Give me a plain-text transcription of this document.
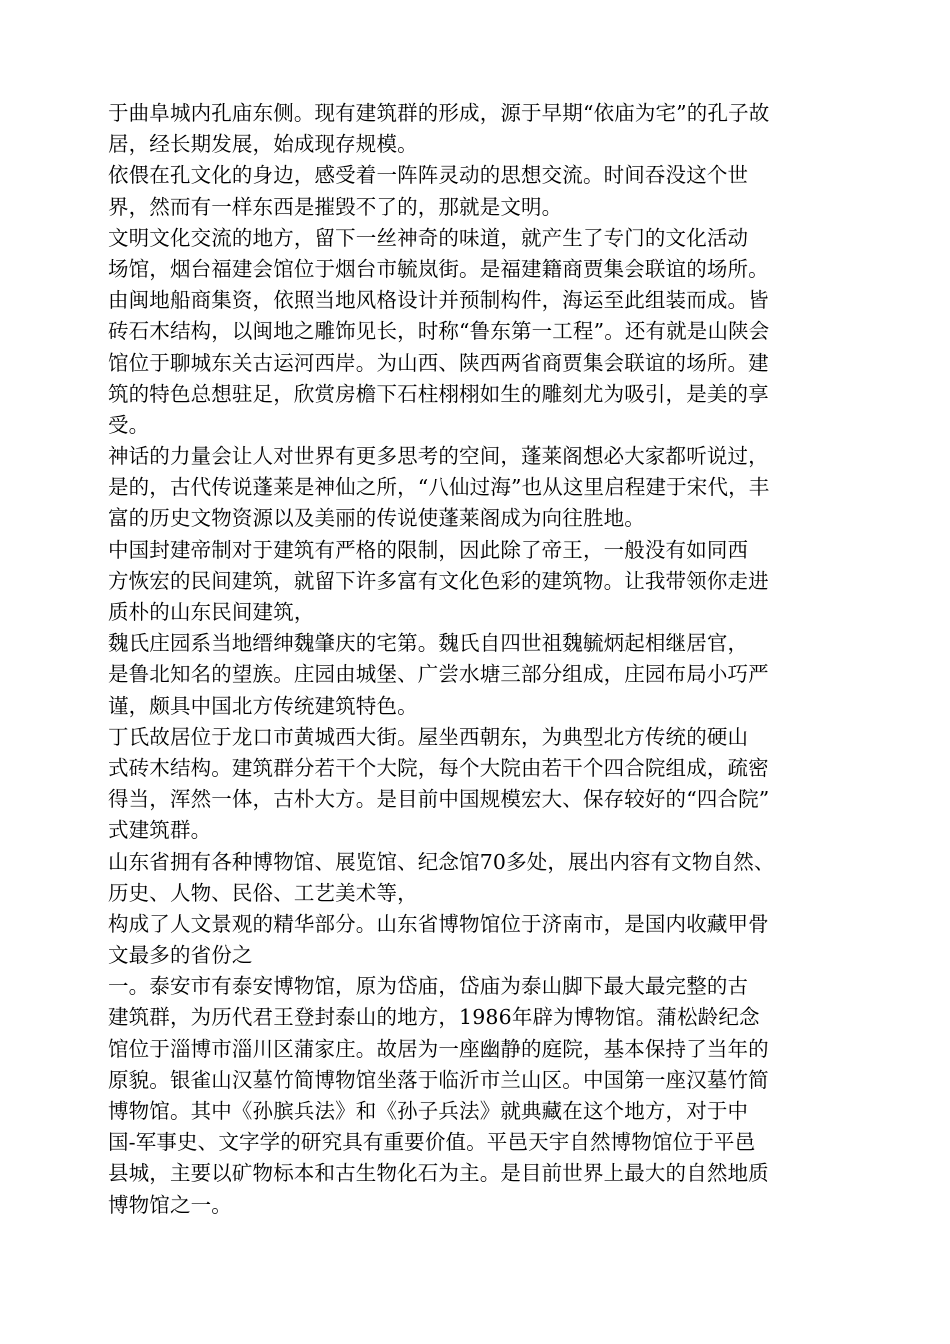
于曲阜城内孔庙东侧。现有建筑群的形成，源于早期“依庙为宅”的孔子故
居，经长期发展，始成现存规模。
依偎在孔文化的身边，感受着一阵阵灵动的思想交流。时间吞没这个世
界，然而有一样东西是摧毁不了的，那就是文明。
文明文化交流的地方，留下一丝神奇的味道，就产生了专门的文化活动
场馆，烟台福建会馆位于烟台市毓岚街。是福建籍商贾集会联谊的场所。
由闽地船商集资，依照当地风格设计并预制构件，海运至此组装而成。皆
砖石木结构，以闽地之雕饰见长，时称“鲁东第一工程”。还有就是山陕会
馆位于聊城东关古运河西岸。为山西、陕西两省商贾集会联谊的场所。建
筑的特色总想驻足，欣赏房檐下石柱栩栩如生的雕刻尤为吸引，是美的享
受。
神话的力量会让人对世界有更多思考的空间，蓬莱阁想必大家都听说过，
是的，古代传说蓬莱是神仙之所，“八仙过海”也从这里启程建于宋代，丰
富的历史文物资源以及美丽的传说使蓬莱阁成为向往胜地。
中国封建帝制对于建筑有严格的限制，因此除了帝王，一般没有如同西
方恢宏的民间建筑，就留下许多富有文化色彩的建筑物。让我带领你走进
质朴的山东民间建筑，
魏氏庄园系当地缙绅魏肇庆的宅第。魏氏自四世祖魏毓炳起相继居官，
是鲁北知名的望族。庄园由城堡、广尝水塘三部分组成，庄园布局小巧严
谨，颇具中国北方传统建筑特色。
丁氏故居位于龙口市黄城西大街。屋坐西朝东，为典型北方传统的硬山
式砖木结构。建筑群分若干个大院，每个大院由若干个四合院组成，疏密
得当，浑然一体，古朴大方。是目前中国规模宏大、保存较好的“四合院”
式建筑群。
山东省拥有各种博物馆、展览馆、纪念馆70多处，展出内容有文物自然、
历史、人物、民俗、工艺美术等，
构成了人文景观的精华部分。山东省博物馆位于济南市，是国内收藏甲骨
文最多的省份之
一。泰安市有泰安博物馆，原为岱庙，岱庙为泰山脚下最大最完整的古
建筑群，为历代君王登封泰山的地方，1986年辟为博物馆。蒲松龄纪念
馆位于淄博市淄川区蒲家庄。故居为一座幽静的庭院，基本保持了当年的
原貌。银雀山汉墓竹简博物馆坐落于临沂市兰山区。中国第一座汉墓竹简
博物馆。其中《孙膑兵法》和《孙子兵法》就典藏在这个地方，对于中
国-军事史、文字学的研究具有重要价值。平邑天宇自然博物馆位于平邑
县城，主要以矿物标本和古生物化石为主。是目前世界上最大的自然地质
博物馆之一。
